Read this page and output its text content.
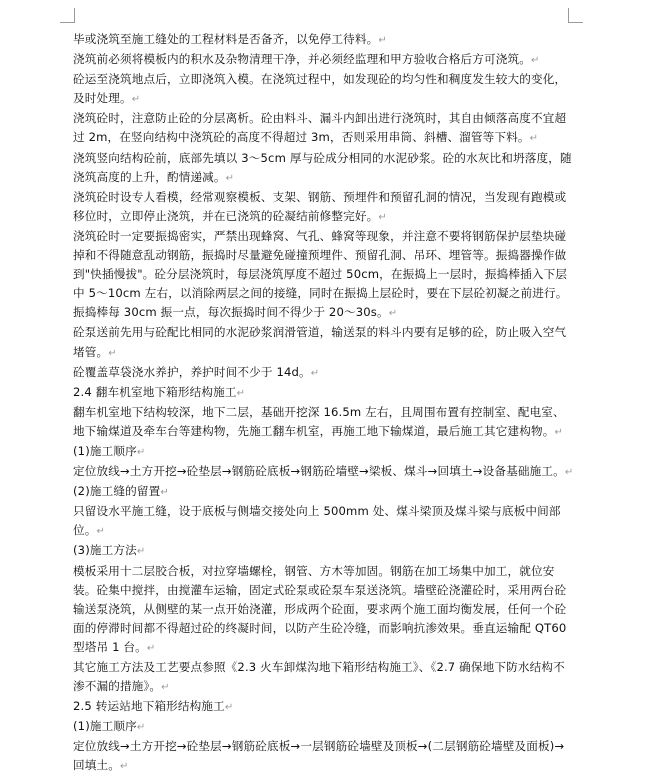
毕或浇筑至施工缝处的工程材料是否备齐，以免停工待料。↵

浇筑前必须将模板内的积水及杂物清理干净，并必须经监理和甲方验收合格后方可浇筑。↵

砼运至浇筑地点后，立即浇筑入模。在浇筑过程中，如发现砼的均匀性和稠度发生较大的变化，及时处理。↵

浇筑砼时，注意防止砼的分层离析。砼由料斗、漏斗内卸出进行浇筑时，其自由倾落高度不宜超过 2m，在竖向结构中浇筑砼的高度不得超过 3m，否则采用串筒、斜槽、溜管等下料。↵

浇筑竖向结构砼前，底部先填以 3～5cm 厚与砼成分相同的水泥砂浆。砼的水灰比和坍落度，随浇筑高度的上升，酌情递减。↵

浇筑砼时设专人看模，经常观察模板、支架、钢筋、预埋件和预留孔洞的情况，当发现有跑模或移位时，立即停止浇筑，并在已浇筑的砼凝结前修整完好。↵

浇筑砼时一定要振捣密实，严禁出现蜂窝、气孔、蜂窝等现象，并注意不要将钢筋保护层垫块碰掉和不得随意乱动钢筋，振捣时尽量避免碰撞预埋件、预留孔洞、吊环、埋管等。振捣器操作做到"快插慢拔"。砼分层浇筑时，每层浇筑厚度不超过 50cm，在振捣上一层时，振捣棒插入下层中 5～10cm 左右，以消除两层之间的接缝，同时在振捣上层砼时，要在下层砼初凝之前进行。振捣棒每 30cm 振一点，每次振捣时间不得少于 20～30s。↵

砼泵送前先用与砼配比相同的水泥砂浆润滑管道，输送泵的料斗内要有足够的砼，防止吸入空气堵管。↵

砼覆盖草袋浇水养护，养护时间不少于 14d。↵

2.4 翻车机室地下箱形结构施工↵

翻车机室地下结构较深，地下二层，基础开挖深 16.5m 左右，且周围布置有控制室、配电室、地下输煤道及牵车台等建构物，先施工翻车机室，再施工地下输煤道，最后施工其它建构物。↵

(1)施工顺序↵

定位放线→土方开挖→砼垫层→钢筋砼底板→钢筋砼墙壁→梁板、煤斗→回填土→设备基础施工。↵

(2)施工缝的留置↵

只留设水平施工缝，设于底板与侧墙交接处向上 500mm 处、煤斗梁顶及煤斗梁与底板中间部位。↵

(3)施工方法↵

模板采用十二层胶合板，对拉穿墙螺栓，钢管、方木等加固。钢筋在加工场集中加工，就位安装。砼集中搅拌，由搅灌车运输，固定式砼泵或砼泵车泵送浇筑。墙壁砼浇灌砼时，采用两台砼输送泵浇筑，从侧壁的某一点开始浇灌，形成两个砼面，要求两个施工面均衡发展，任何一个砼面的停滞时间都不得超过砼的终凝时间，以防产生砼冷缝，而影响抗渗效果。垂直运输配 QT60 型塔吊 1 台。↵

其它施工方法及工艺要点参照《2.3 火车卸煤沟地下箱形结构施工》、《2.7 确保地下防水结构不渗不漏的措施》。↵

2.5 转运站地下箱形结构施工↵

(1)施工顺序↵

定位放线→土方开挖→砼垫层→钢筋砼底板→一层钢筋砼墙壁及顶板→(二层钢筋砼墙壁及面板)→回填土。↵
